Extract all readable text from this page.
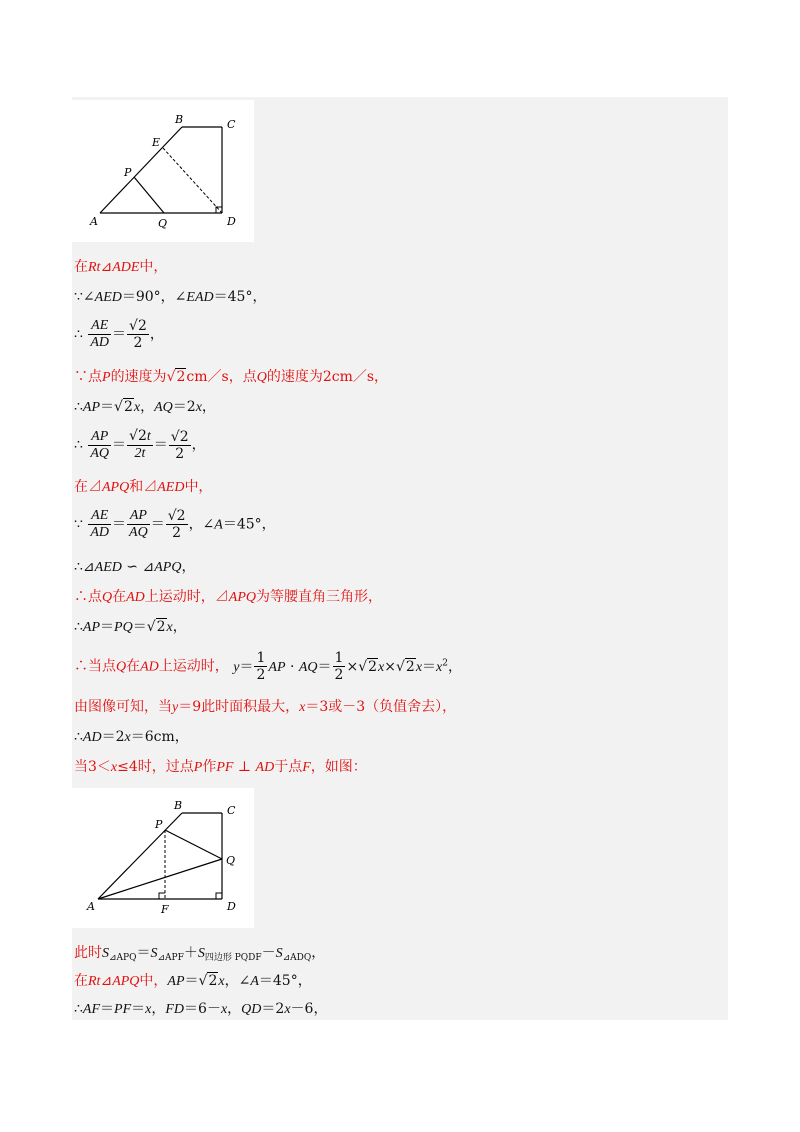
A
B	C
D
E
P
Q
在Rt⊿ADE中，
∵∠AED＝90°，∠EAD＝45°，
∴ $\frac{AE}{AD} = \frac{√2}{2}$ ，
∵点P的速度为√2cm／s，点Q的速度为2cm／s，
∴AP＝√2x，AQ＝2x，
∴ $\frac{AP}{AQ} = \frac{√2t}{2t} = \frac{√2}{2}$ ，
在⊿APQ和⊿AED中，
∵ $\frac{AE}{AD} = \frac{AP}{AQ} = \frac{√2}{2}$ ，∠A＝45°，
∴⊿AED ∽ ⊿APQ，
∴点Q在AD上运动时，⊿APQ为等腰直角三角形，
∴AP＝PQ＝√2x，
∴当点Q在AD上运动时， $y= \frac{1}{2}$ AP · $AQ= \frac{1}{2} \times√2x\times√2x=x^2$，
由图像可知，当y＝9此时面积最大，x＝3或－3（负值舍去），
∴AD＝2x＝6cm，
当3＜x≤4时，过点P作PF ⊥ AD于点F，如图：
A
B	C
D
P
Q
F
此时$S_{⊿APQ}=S_{⊿APF}+S_{四边形 PQDF}-S_{⊿ADQ}$，
在Rt⊿APQ中，AP＝√2x，∠A＝45°，
∴AF＝PF＝x，FD＝6－x，QD＝2x－6，
